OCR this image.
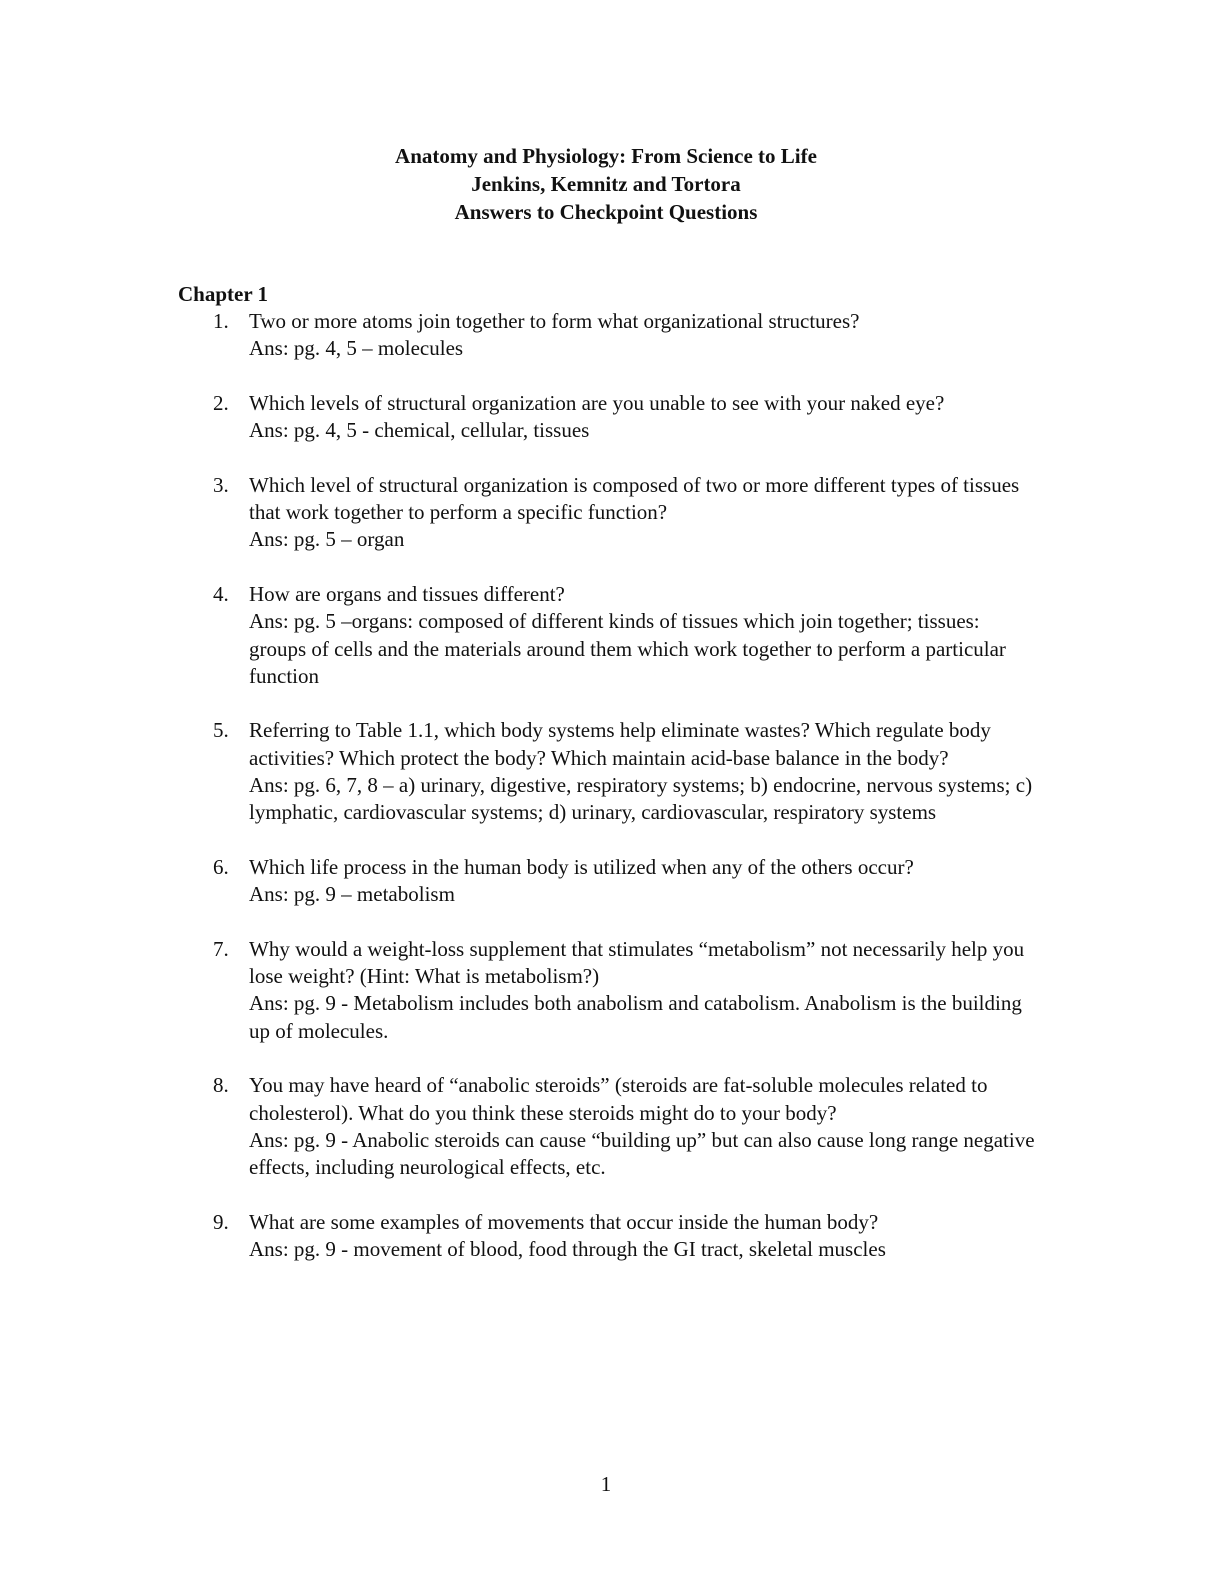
Anatomy and Physiology: From Science to Life
Jenkins, Kemnitz and Tortora
Answers to Checkpoint Questions
Chapter 1
1. Two or more atoms join together to form what organizational structures?
Ans: pg. 4, 5 – molecules
2. Which levels of structural organization are you unable to see with your naked eye?
Ans: pg. 4, 5 - chemical, cellular, tissues
3. Which level of structural organization is composed of two or more different types of tissues that work together to perform a specific function?
Ans: pg. 5 – organ
4. How are organs and tissues different?
Ans: pg. 5 –organs: composed of different kinds of tissues which join together; tissues: groups of cells and the materials around them which work together to perform a particular function
5. Referring to Table 1.1, which body systems help eliminate wastes? Which regulate body activities? Which protect the body? Which maintain acid-base balance in the body?
Ans: pg. 6, 7, 8 – a) urinary, digestive, respiratory systems; b) endocrine, nervous systems; c) lymphatic, cardiovascular systems; d) urinary, cardiovascular, respiratory systems
6. Which life process in the human body is utilized when any of the others occur?
Ans: pg. 9 – metabolism
7. Why would a weight-loss supplement that stimulates “metabolism” not necessarily help you lose weight? (Hint: What is metabolism?)
Ans: pg. 9 - Metabolism includes both anabolism and catabolism. Anabolism is the building up of molecules.
8. You may have heard of “anabolic steroids” (steroids are fat-soluble molecules related to cholesterol). What do you think these steroids might do to your body?
Ans: pg. 9 - Anabolic steroids can cause “building up” but can also cause long range negative effects, including neurological effects, etc.
9. What are some examples of movements that occur inside the human body?
Ans: pg. 9 - movement of blood, food through the GI tract, skeletal muscles
1
